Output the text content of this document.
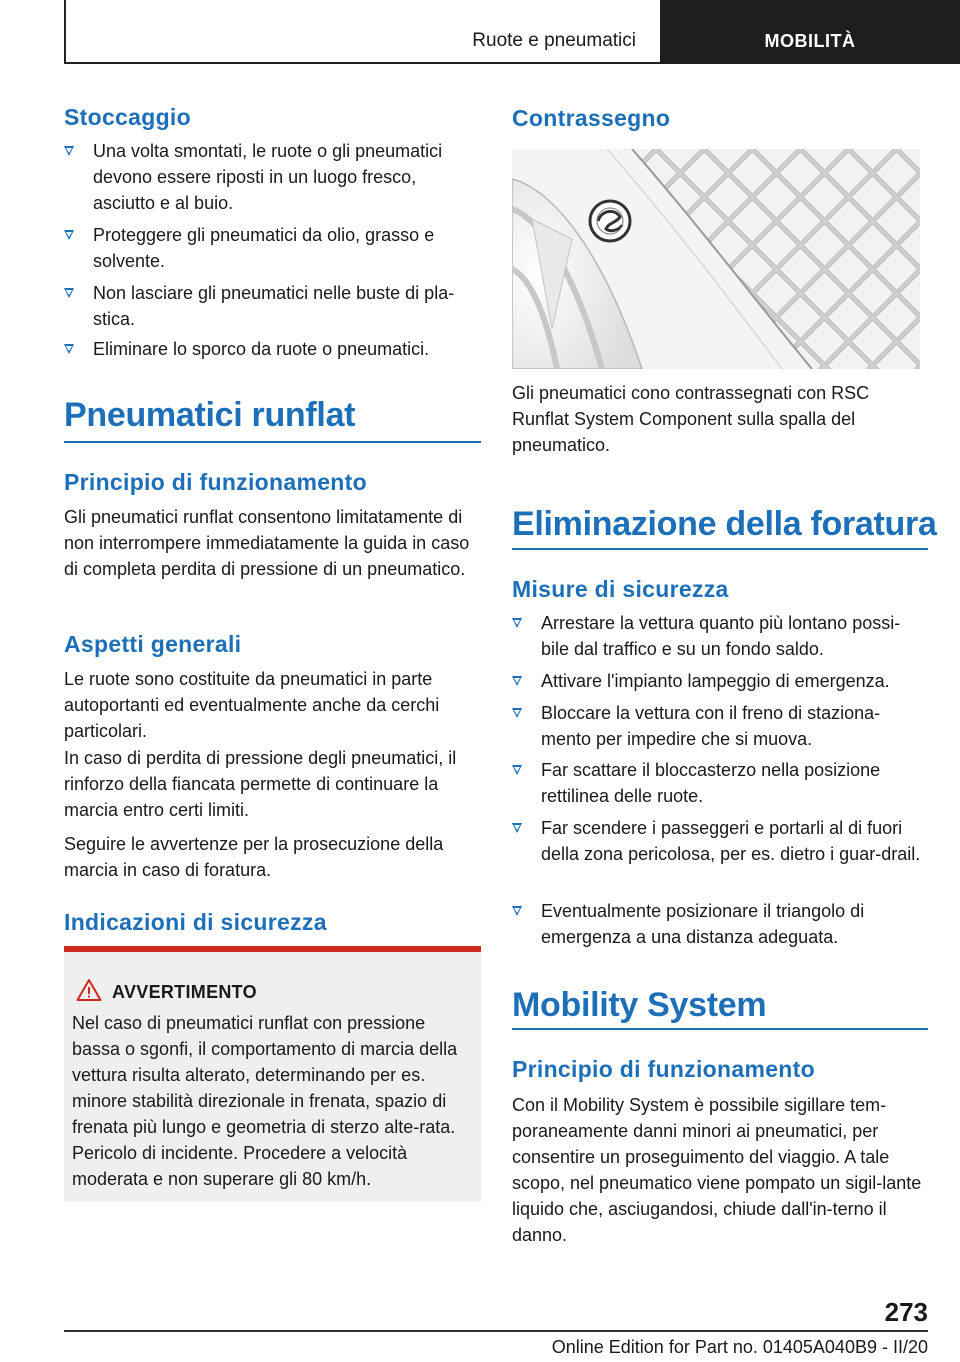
Ruote e pneumatici	MOBILITÀ
Stoccaggio
Una volta smontati, le ruote o gli pneumatici devono essere riposti in un luogo fresco, asciutto e al buio.
Proteggere gli pneumatici da olio, grasso e solvente.
Non lasciare gli pneumatici nelle buste di pla-stica.
Eliminare lo sporco da ruote o pneumatici.
Pneumatici runflat
Principio di funzionamento
Gli pneumatici runflat consentono limitatamente di non interrompere immediatamente la guida in caso di completa perdita di pressione di un pneumatico.
Aspetti generali
Le ruote sono costituite da pneumatici in parte autoportanti ed eventualmente anche da cerchi particolari.
In caso di perdita di pressione degli pneumatici, il rinforzo della fiancata permette di continuare la marcia entro certi limiti.
Seguire le avvertenze per la prosecuzione della marcia in caso di foratura.
Indicazioni di sicurezza
AVVERTIMENTO
Nel caso di pneumatici runflat con pressione bassa o sgonfi, il comportamento di marcia della vettura risulta alterato, determinando per es. minore stabilità direzionale in frenata, spazio di frenata più lungo e geometria di sterzo alte-rata. Pericolo di incidente. Procedere a velocità moderata e non superare gli 80 km/h.
Contrassegno
Gli pneumatici cono contrassegnati con RSC Runflat System Component sulla spalla del pneumatico.
Eliminazione della foratura
Misure di sicurezza
Arrestare la vettura quanto più lontano possi-bile dal traffico e su un fondo saldo.
Attivare l'impianto lampeggio di emergenza.
Bloccare la vettura con il freno di staziona-mento per impedire che si muova.
Far scattare il bloccasterzo nella posizione rettilinea delle ruote.
Far scendere i passeggeri e portarli al di fuori della zona pericolosa, per es. dietro i guar-drail.
Eventualmente posizionare il triangolo di emergenza a una distanza adeguata.
Mobility System
Principio di funzionamento
Con il Mobility System è possibile sigillare tem-poraneamente danni minori ai pneumatici, per consentire un proseguimento del viaggio. A tale scopo, nel pneumatico viene pompato un sigil-lante liquido che, asciugandosi, chiude dall'in-terno il danno.
273
Online Edition for Part no. 01405A040B9 - II/20
